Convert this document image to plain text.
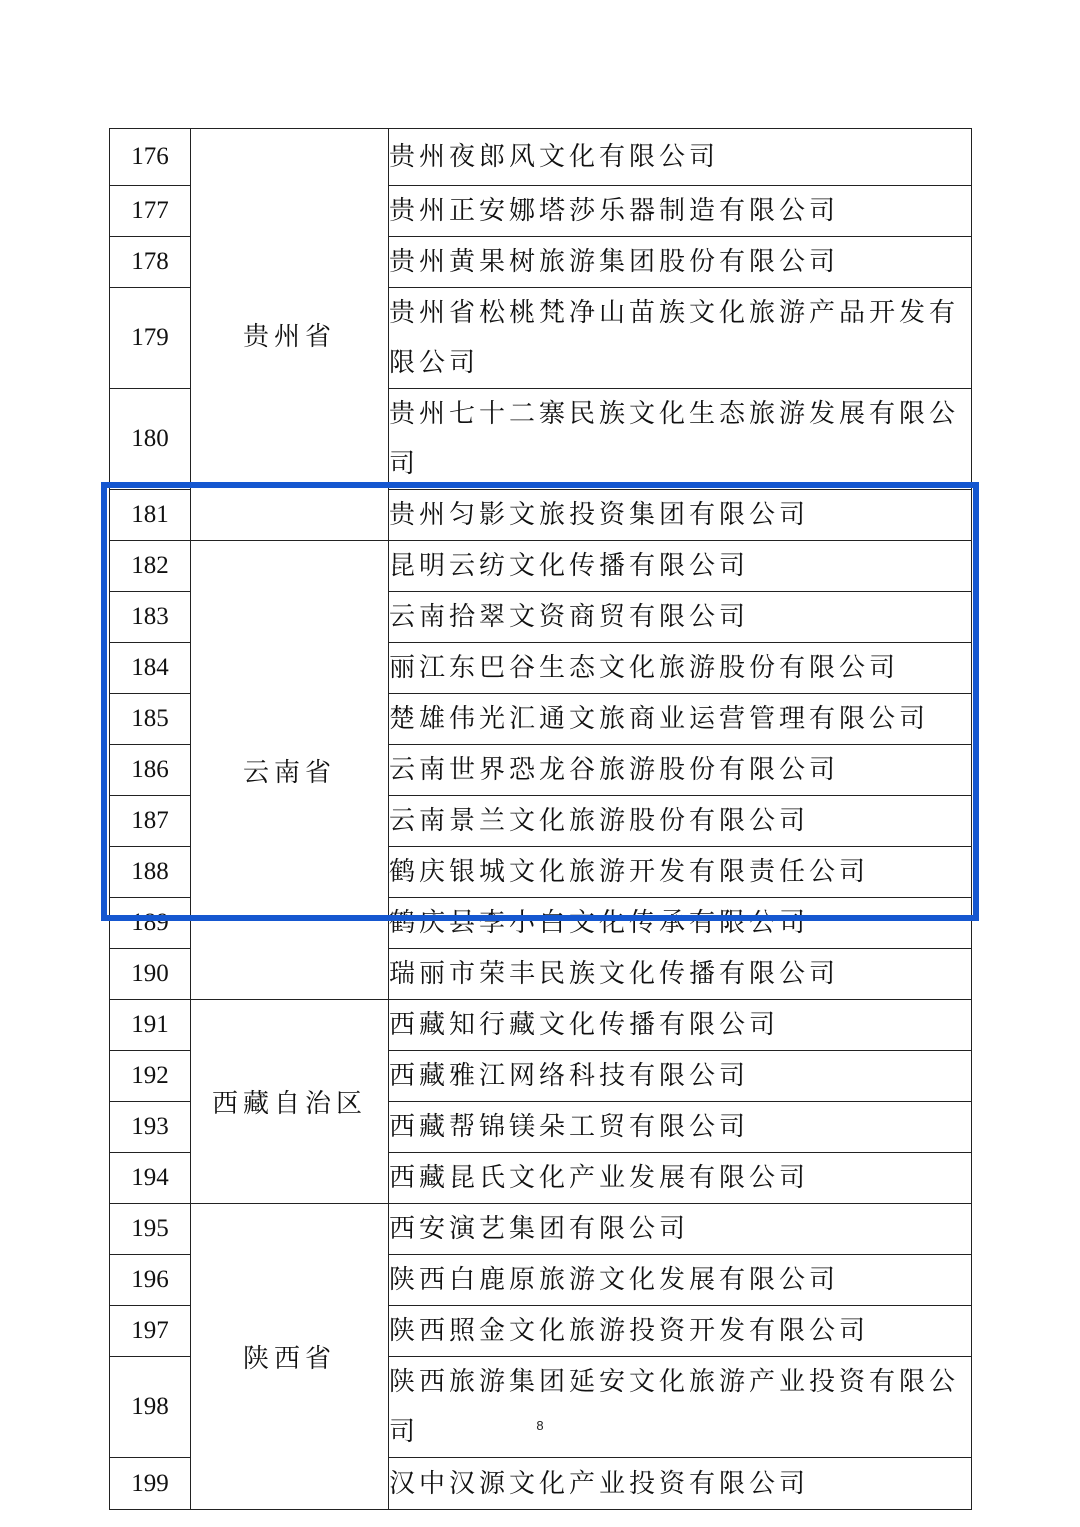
176	贵州省	贵州夜郎风文化有限公司
177		贵州正安娜塔莎乐器制造有限公司
178		贵州黄果树旅游集团股份有限公司
179		贵州省松桃梵净山苗族文化旅游产品开发有限公司
180		贵州七十二寨民族文化生态旅游发展有限公司
181		贵州匀影文旅投资集团有限公司
182	云南省	昆明云纺文化传播有限公司
183		云南拾翠文资商贸有限公司
184		丽江东巴谷生态文化旅游股份有限公司
185		楚雄伟光汇通文旅商业运营管理有限公司
186		云南世界恐龙谷旅游股份有限公司
187		云南景兰文化旅游股份有限公司
188		鹤庆银城文化旅游开发有限责任公司
189		鹤庆县李小白文化传承有限公司
190		瑞丽市荣丰民族文化传播有限公司
191	西藏自治区	西藏知行藏文化传播有限公司
192		西藏雅江网络科技有限公司
193		西藏帮锦镁朵工贸有限公司
194		西藏昆氏文化产业发展有限公司
195	陕西省	西安演艺集团有限公司
196		陕西白鹿原旅游文化发展有限公司
197		陕西照金文化旅游投资开发有限公司
198		陕西旅游集团延安文化旅游产业投资有限公司
199		汉中汉源文化产业投资有限公司
8
